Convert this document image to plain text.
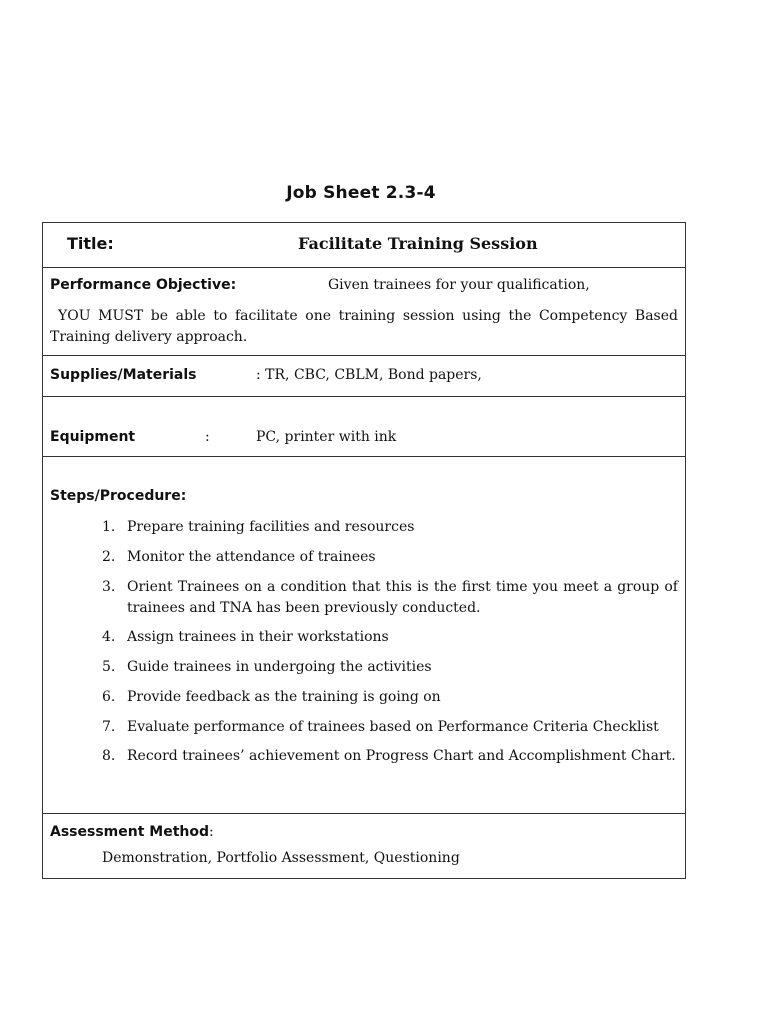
Job Sheet 2.3-4
Title:	Facilitate Training Session
Performance Objective:	Given trainees for your qualification,
YOU MUST be able to facilitate one training session using the Competency Based Training delivery approach.
Supplies/Materials	: TR, CBC, CBLM, Bond papers,
Equipment	:	PC, printer with ink
Steps/Procedure:
1. Prepare training facilities and resources
2. Monitor the attendance of trainees
3. Orient Trainees on a condition that this is the first time you meet a group of trainees and TNA has been previously conducted.
4. Assign trainees in their workstations
5. Guide trainees in undergoing the activities
6. Provide feedback as the training is going on
7. Evaluate performance of trainees based on Performance Criteria Checklist
8. Record trainees’ achievement on Progress Chart and Accomplishment Chart.
Assessment Method:
Demonstration, Portfolio Assessment, Questioning
